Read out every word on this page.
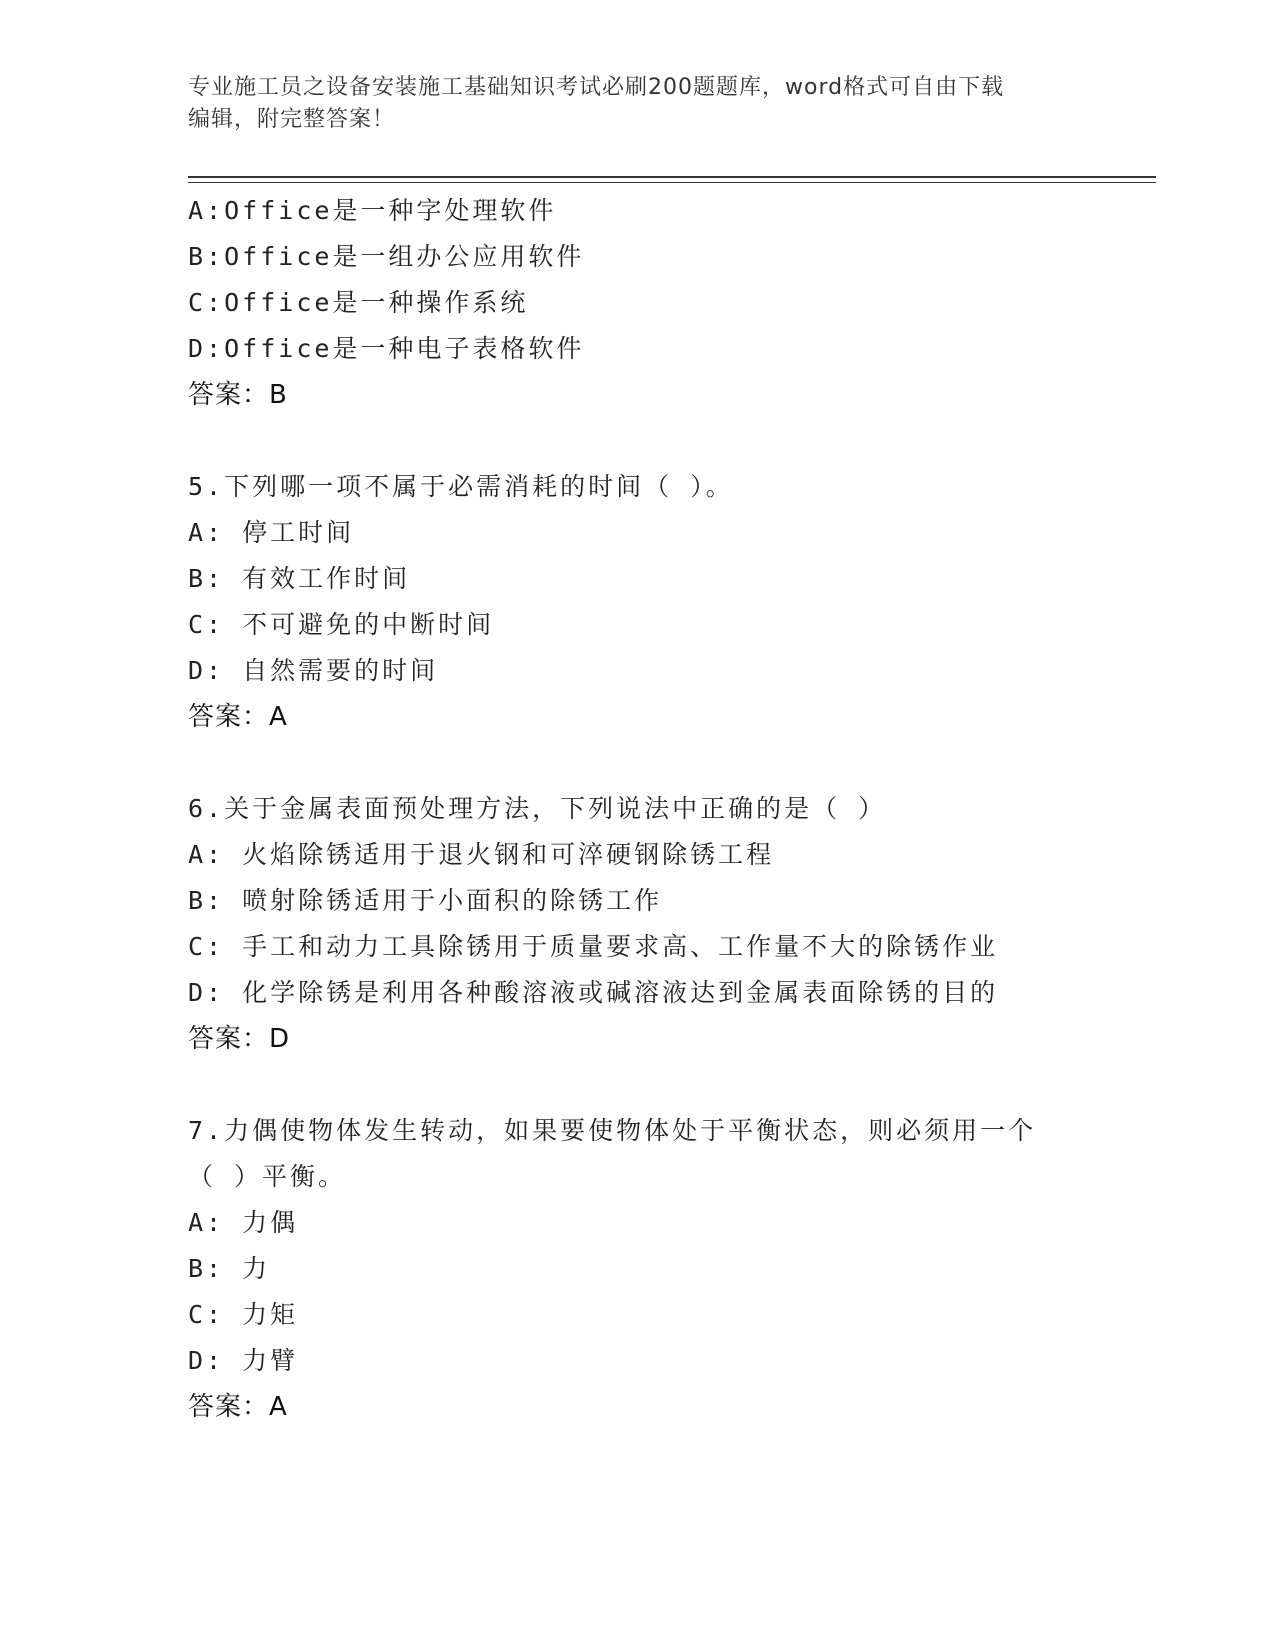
专业施工员之设备安装施工基础知识考试必刷200题题库，word格式可自由下载
编辑，附完整答案！
A:Office是一种字处理软件
B:Office是一组办公应用软件
C:Office是一种操作系统
D:Office是一种电子表格软件
答案：B
5.下列哪一项不属于必需消耗的时间（ ）。
A: 停工时间
B: 有效工作时间
C: 不可避免的中断时间
D: 自然需要的时间
答案：A
6.关于金属表面预处理方法，下列说法中正确的是（ ）
A: 火焰除锈适用于退火钢和可淬硬钢除锈工程
B: 喷射除锈适用于小面积的除锈工作
C: 手工和动力工具除锈用于质量要求高、工作量不大的除锈作业
D: 化学除锈是利用各种酸溶液或碱溶液达到金属表面除锈的目的
答案：D
7.力偶使物体发生转动，如果要使物体处于平衡状态，则必须用一个
（ ）平衡。
A: 力偶
B: 力
C: 力矩
D: 力臂
答案：A
